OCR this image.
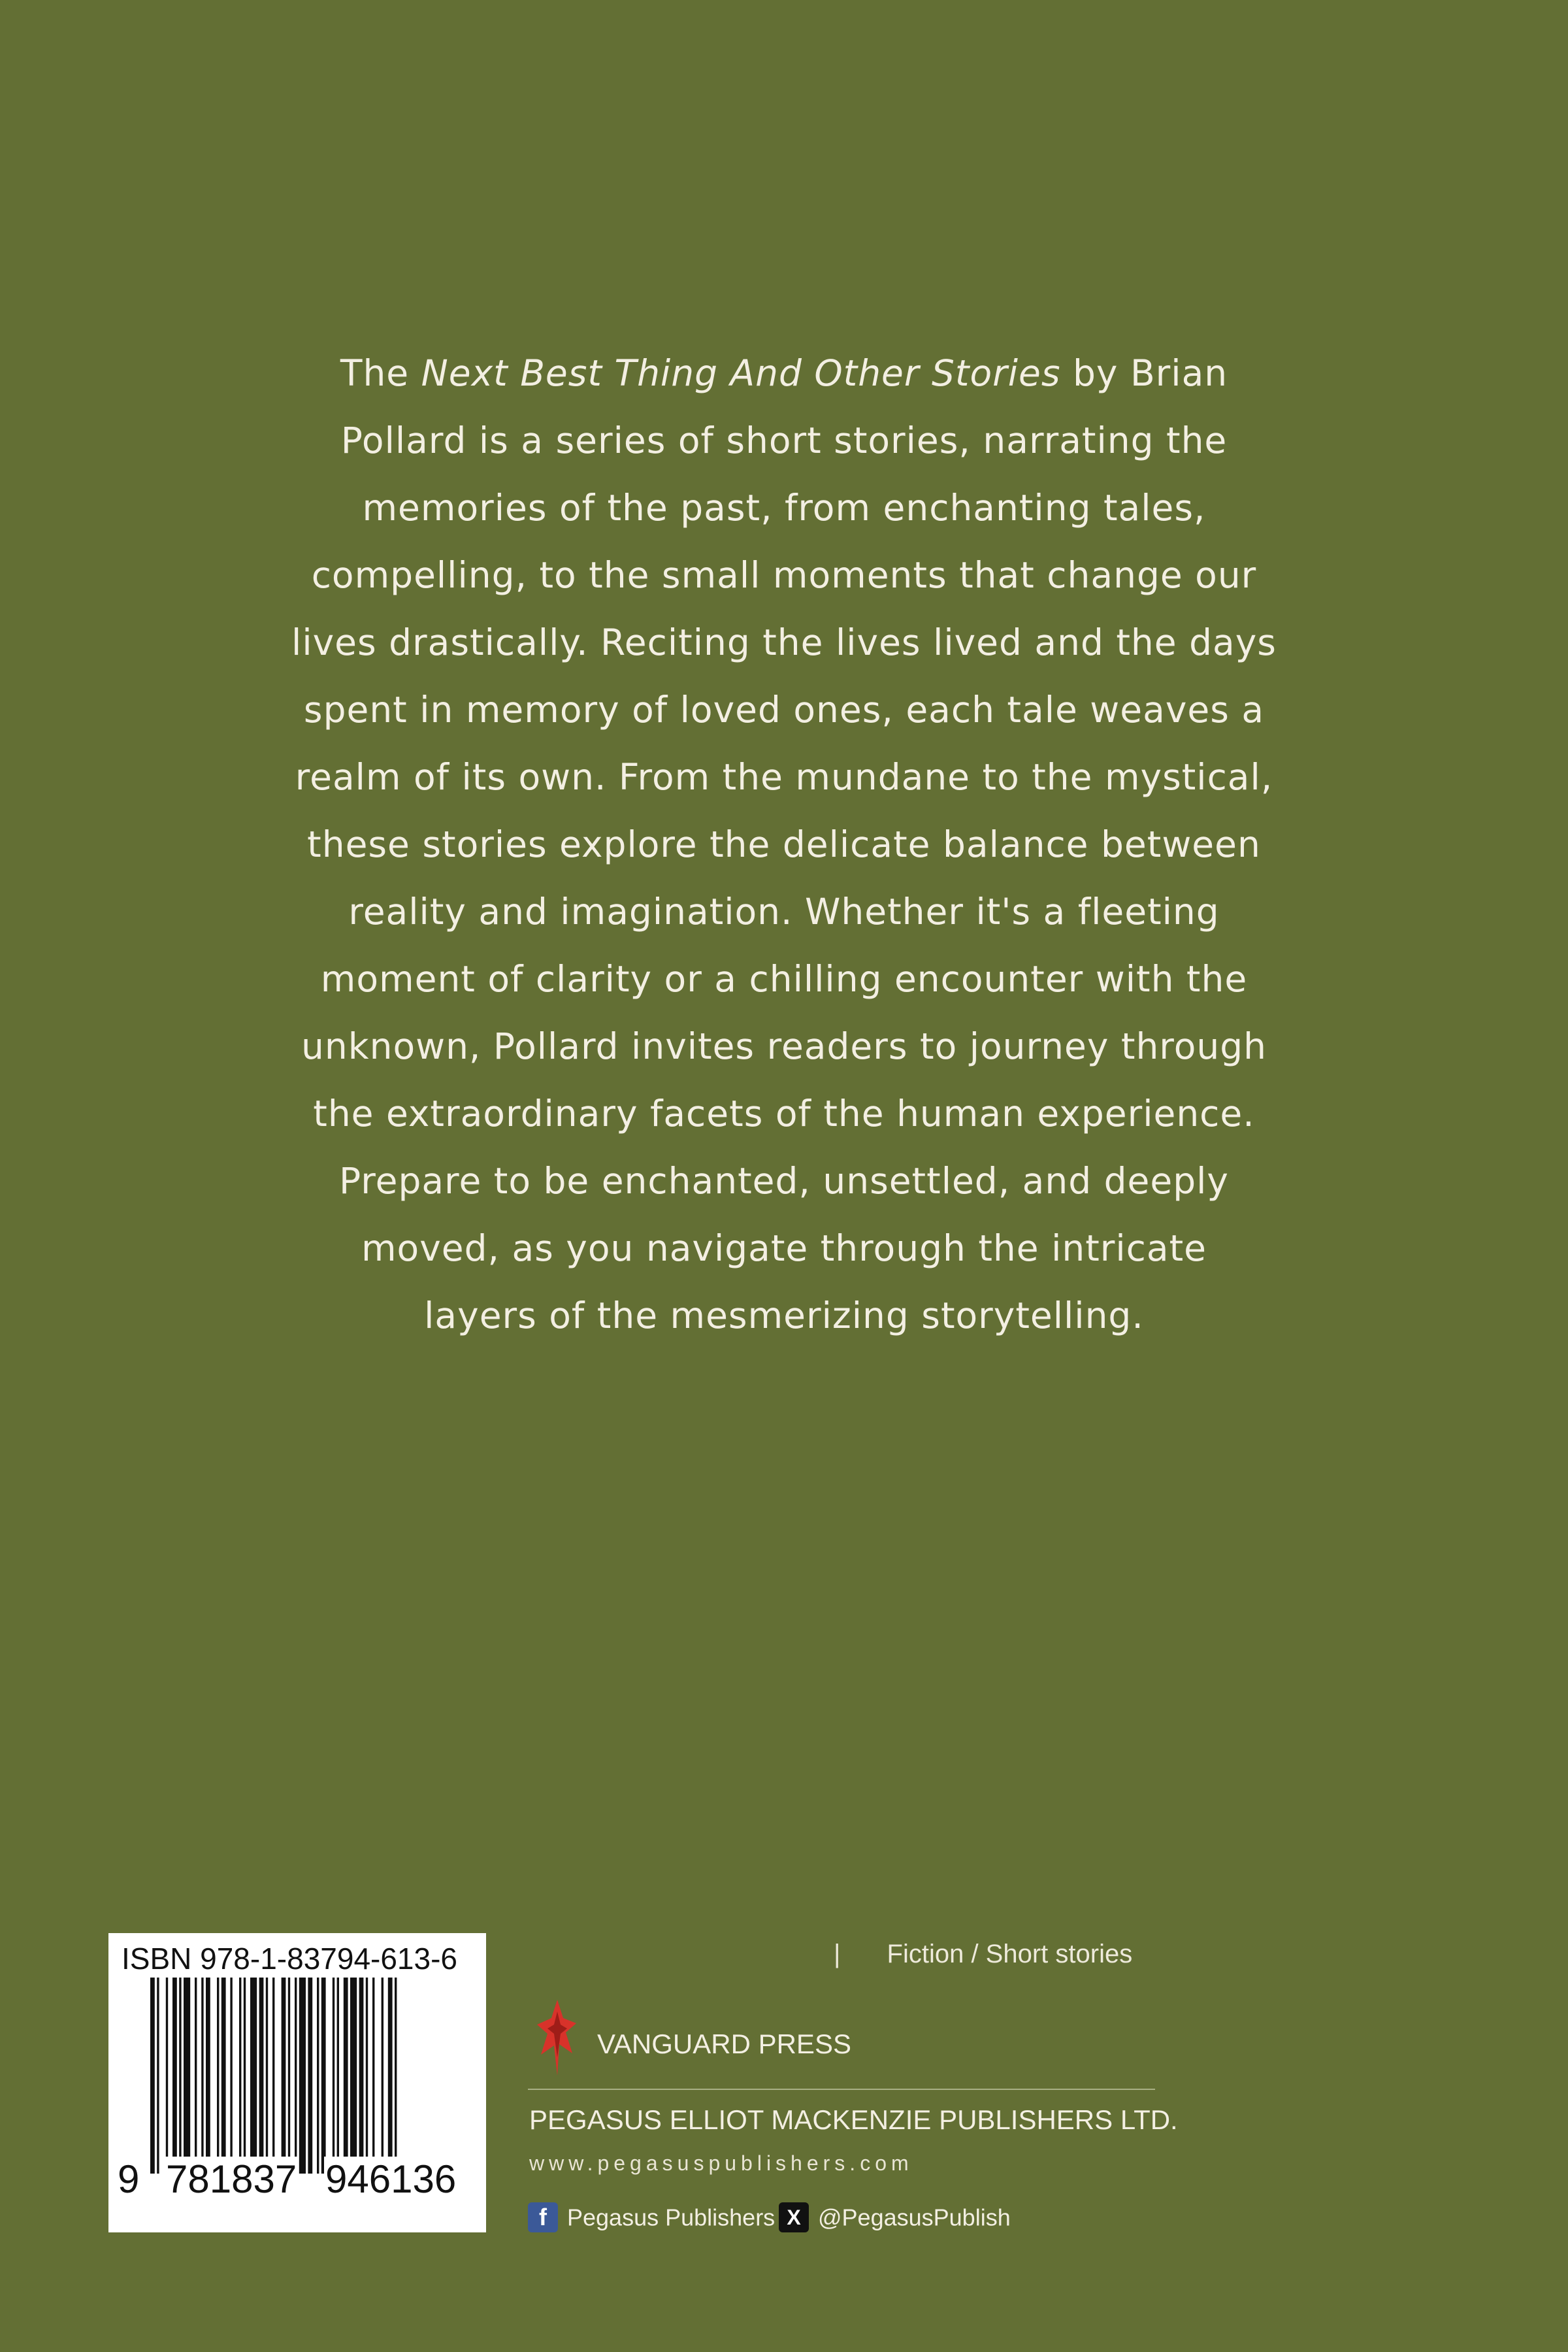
The Next Best Thing And Other Stories by Brian
Pollard is a series of short stories, narrating the
memories of the past, from enchanting tales,
compelling, to the small moments that change our
lives drastically. Reciting the lives lived and the days
spent in memory of loved ones, each tale weaves a
realm of its own. From the mundane to the mystical,
these stories explore the delicate balance between
reality and imagination. Whether it's a fleeting
moment of clarity or a chilling encounter with the
unknown, Pollard invites readers to journey through
the extraordinary facets of the human experience.
Prepare to be enchanted, unsettled, and deeply
moved, as you navigate through the intricate
layers of the mesmerizing storytelling.
ISBN 978-1-83794-613-6
9 781837 946136
| Fiction / Short stories
VANGUARD PRESS
PEGASUS ELLIOT MACKENZIE PUBLISHERS LTD.
www.pegasuspublishers.com
f Pegasus Publishers X @PegasusPublish
